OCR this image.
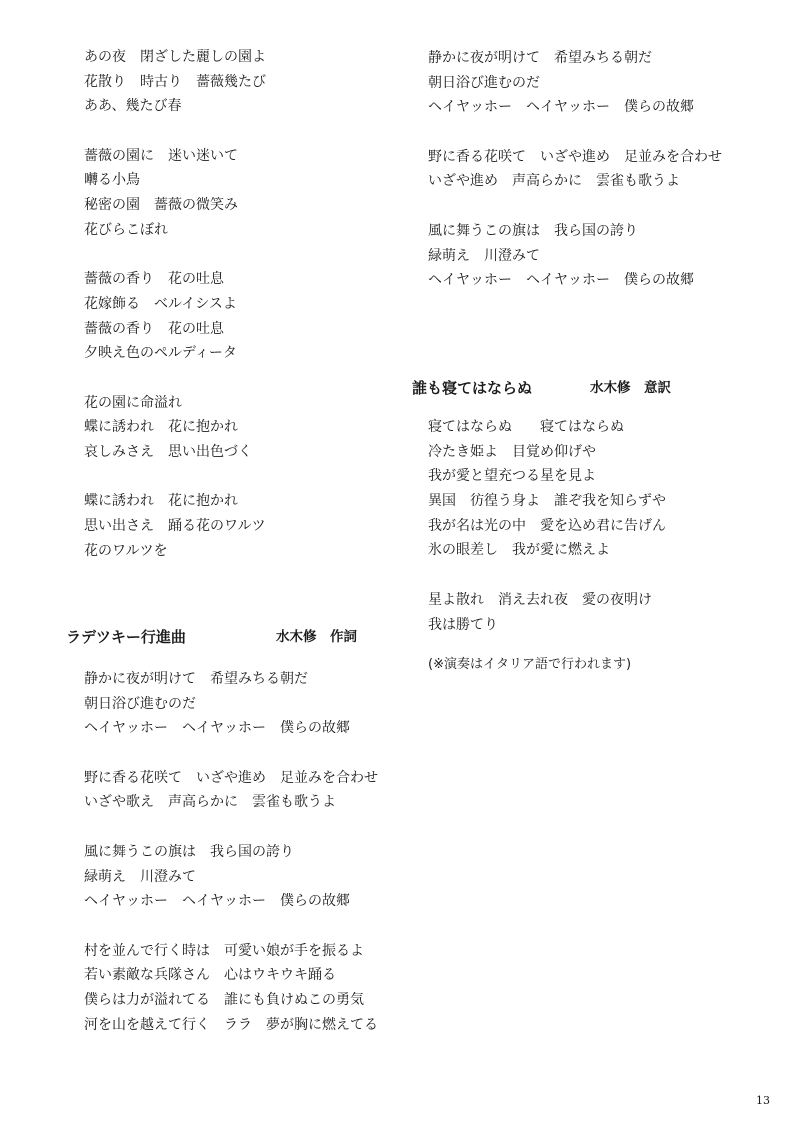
あの夜　閉ざした麗しの園よ
花散り　時古り　薔薇幾たび
ああ、幾たび春
薔薇の園に　迷い迷いて
囀る小鳥
秘密の園　薔薇の微笑み
花びらこぼれ
薔薇の香り　花の吐息
花嫁飾る　ベルイシスよ
薔薇の香り　花の吐息
夕映え色のペルディータ
花の園に命溢れ
蝶に誘われ　花に抱かれ
哀しみさえ　思い出色づく
蝶に誘われ　花に抱かれ
思い出さえ　踊る花のワルツ
花のワルツを
ラデツキー行進曲	水木修　作詞
静かに夜が明けて　希望みちる朝だ
朝日浴び進むのだ
ヘイヤッホー　ヘイヤッホー　僕らの故郷
野に香る花咲て　いざや進め　足並みを合わせ
いざや歌え　声高らかに　雲雀も歌うよ
風に舞うこの旗は　我ら国の誇り
緑萌え　川澄みて
ヘイヤッホー　ヘイヤッホー　僕らの故郷
村を並んで行く時は　可愛い娘が手を振るよ
若い素敵な兵隊さん　心はウキウキ踊る
僕らは力が溢れてる　誰にも負けぬこの勇気
河を山を越えて行く　ララ　夢が胸に燃えてる
静かに夜が明けて　希望みちる朝だ
朝日浴び進むのだ
ヘイヤッホー　ヘイヤッホー　僕らの故郷
野に香る花咲て　いざや進め　足並みを合わせ
いざや進め　声高らかに　雲雀も歌うよ
風に舞うこの旗は　我ら国の誇り
緑萌え　川澄みて
ヘイヤッホー　ヘイヤッホー　僕らの故郷
誰も寝てはならぬ	水木修　意訳
寝てはならぬ　　寝てはならぬ
冷たき姫よ　目覚め仰げや
我が愛と望充つる星を見よ
異国　彷徨う身よ　誰ぞ我を知らずや
我が名は光の中　愛を込め君に告げん
氷の眼差し　我が愛に燃えよ
星よ散れ　消え去れ夜　愛の夜明け
我は勝てり
(※演奏はイタリア語で行われます)
13
